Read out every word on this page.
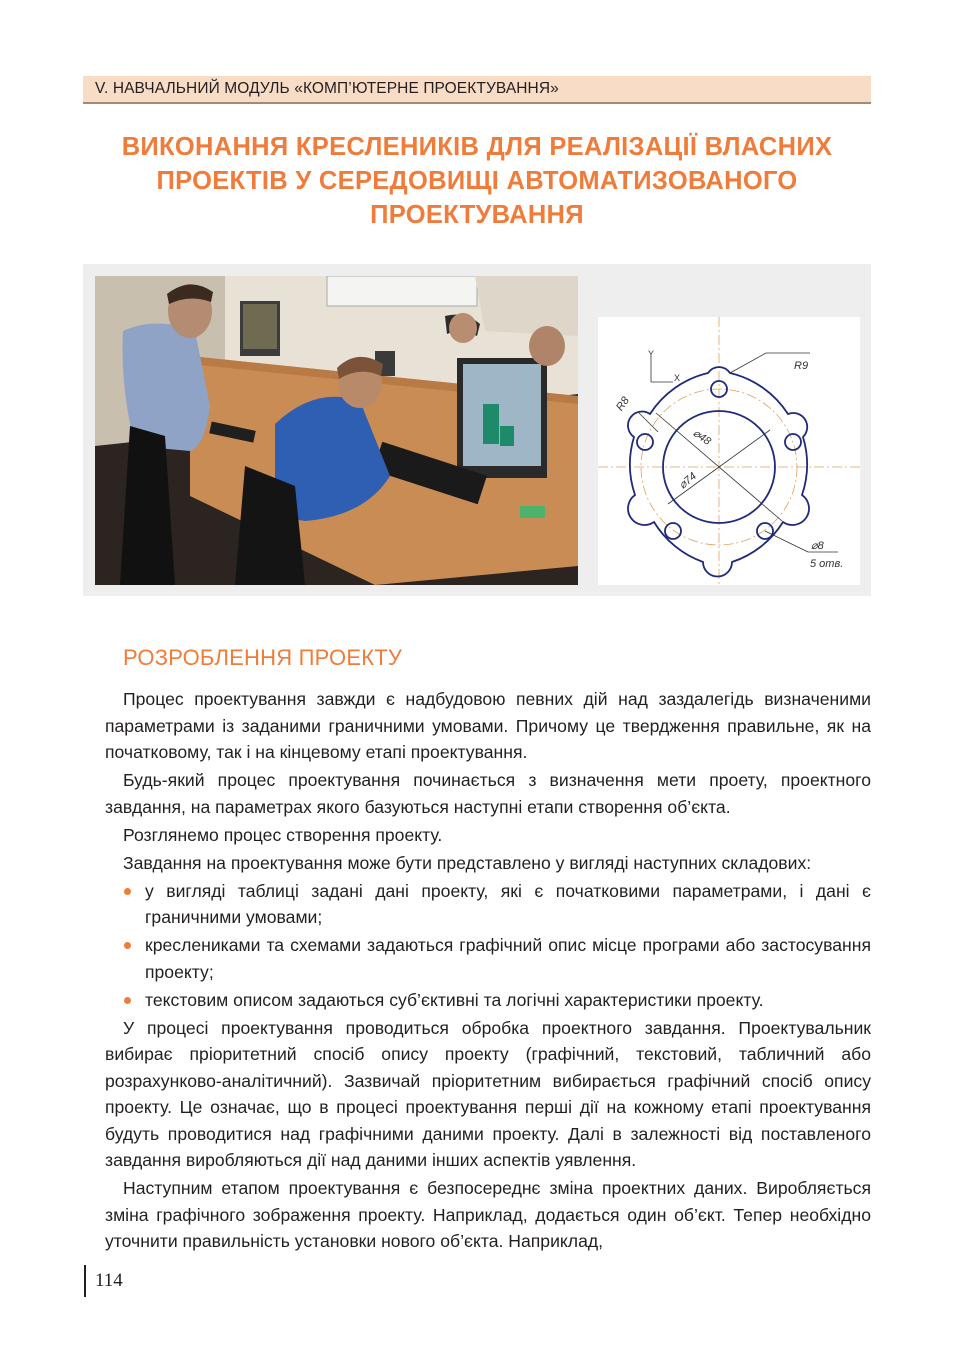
V. НАВЧАЛЬНИЙ МОДУЛЬ «КОМП’ЮТЕРНЕ ПРОЕКТУВАННЯ»
ВИКОНАННЯ КРЕСЛЕНИКІВ ДЛЯ РЕАЛІЗАЦІЇ ВЛАСНИХ
ПРОЕКТІВ У СЕРЕДОВИЩІ АВТОМАТИЗОВАНОГО
ПРОЕКТУВАННЯ
Y
X
R9
R8
⌀48
⌀74
⌀8
5 отв.
РОЗРОБЛЕННЯ ПРОЕКТУ

Процес проектування завжди є надбудовою певних дій над заздалегідь визначеними параметрами із заданими граничними умовами. Причому це твердження правильне, як на початковому, так і на кінцевому етапі проектування.

Будь-який процес проектування починається з визначення мети проету, проектного завдання, на параметрах якого базуються наступні етапи створення об’єкта.

Розглянемо процес створення проекту.

Завдання на проектування може бути представлено у вигляді наступних складових:

у вигляді таблиці задані дані проекту, які є початковими параметрами, і дані є граничними умовами;
креслениками та схемами задаються графічний опис місце програми або застосування проекту;
текстовим описом задаються суб’єктивні та логічні характеристики проекту.

У процесі проектування проводиться обробка проектного завдання. Проектувальник вибирає пріоритетний спосіб опису проекту (графічний, текстовий, табличний або розрахунково-аналітичний). Зазвичай пріоритетним вибирається графічний спосіб опису проекту. Це означає, що в процесі проектування перші дії на кожному етапі проектування будуть проводитися над графічними даними проекту. Далі в залежності від поставленого завдання виробляються дії над даними інших аспектів уявлення.

Наступним етапом проектування є безпосереднє зміна проектних даних. Виробляється зміна графічного зображення проекту. Наприклад, додається один об’єкт. Тепер необхідно уточнити правильність установки нового об’єкта. Наприклад,

114
